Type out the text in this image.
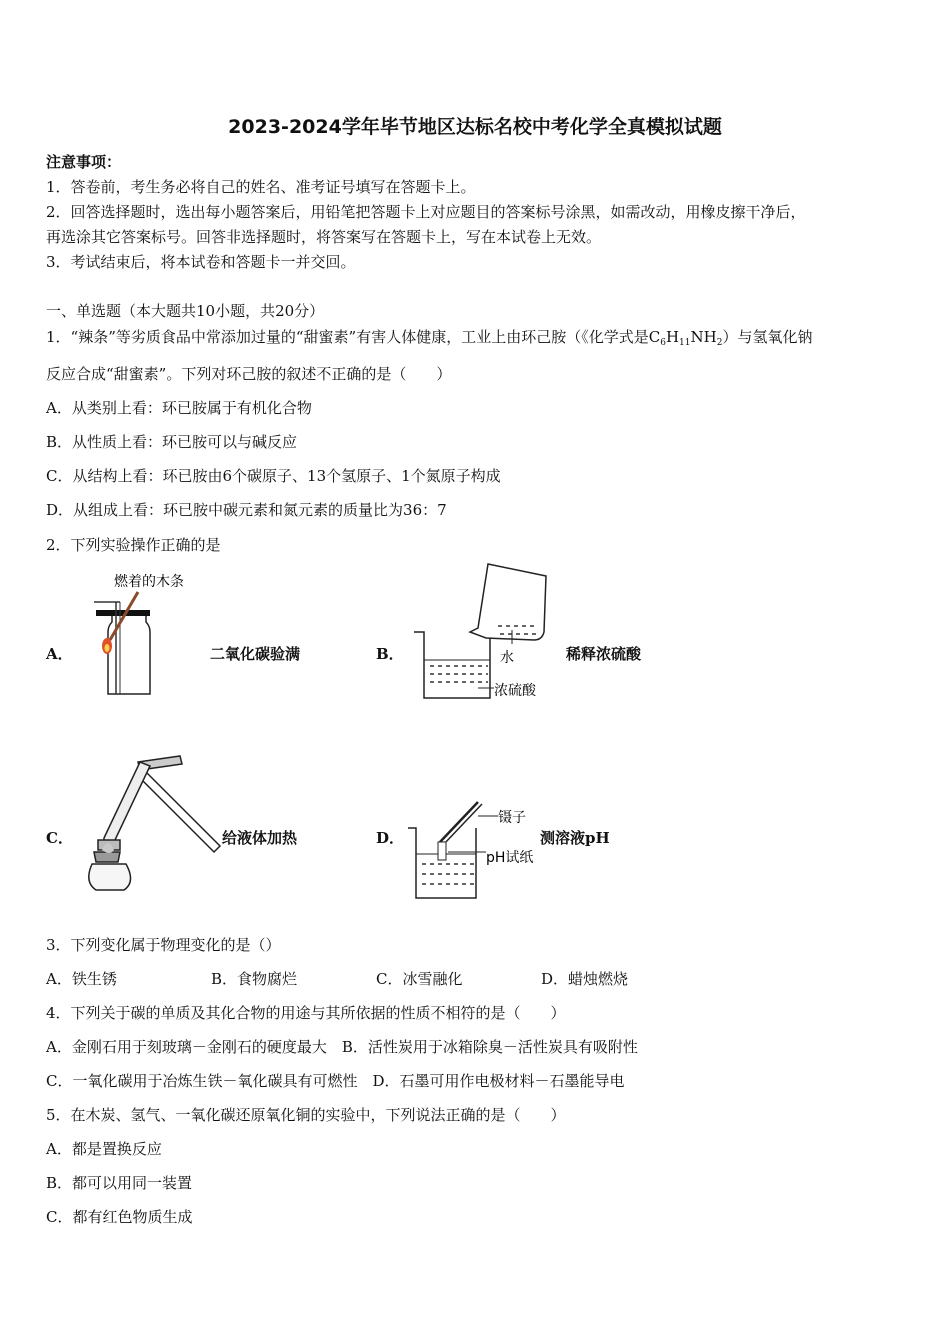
2023-2024学年毕节地区达标名校中考化学全真模拟试题
注意事项：
1．答卷前，考生务必将自己的姓名、准考证号填写在答题卡上。
2．回答选择题时，选出每小题答案后，用铅笔把答题卡上对应题目的答案标号涂黑，如需改动，用橡皮擦干净后，
再选涂其它答案标号。回答非选择题时，将答案写在答题卡上，写在本试卷上无效。
3．考试结束后，将本试卷和答题卡一并交回。
一、单选题（本大题共10小题，共20分）
1．“辣条”等劣质食品中常添加过量的“甜蜜素”有害人体健康，工业上由环己胺（《化学式是$C_6H_{11}NH_2$）与氢氧化钠
反应合成“甜蜜素”。下列对环己胺的叙述不正确的是（　　）
A．从类别上看：环已胺属于有机化合物
B．从性质上看：环已胺可以与碱反应
C．从结构上看：环已胺由6个碳原子、13个氢原子、1个氮原子构成
D．从组成上看：环已胺中碳元素和氮元素的质量比为36：7
2．下列实验操作正确的是
A．
燃着的木条
二氧化碳验满	B．	水
浓硫酸
稀释浓硫酸
C．	给液体加热	D．
镊子
pH试纸
测溶液pH
3．下列变化属于物理变化的是（）
A．铁生锈	B．食物腐烂	C．冰雪融化	D．蜡烛燃烧
4．下列关于碳的单质及其化合物的用途与其所依据的性质不相符的是（　　）
A．金刚石用于刻玻璃－金刚石的硬度最大　B．活性炭用于冰箱除臭－活性炭具有吸附性
C．一氧化碳用于冶炼生铁－氧化碳具有可燃性　D．石墨可用作电极材料－石墨能导电
5．在木炭、氢气、一氧化碳还原氧化铜的实验中，下列说法正确的是（　　）
A．都是置换反应
B．都可以用同一装置
C．都有红色物质生成
